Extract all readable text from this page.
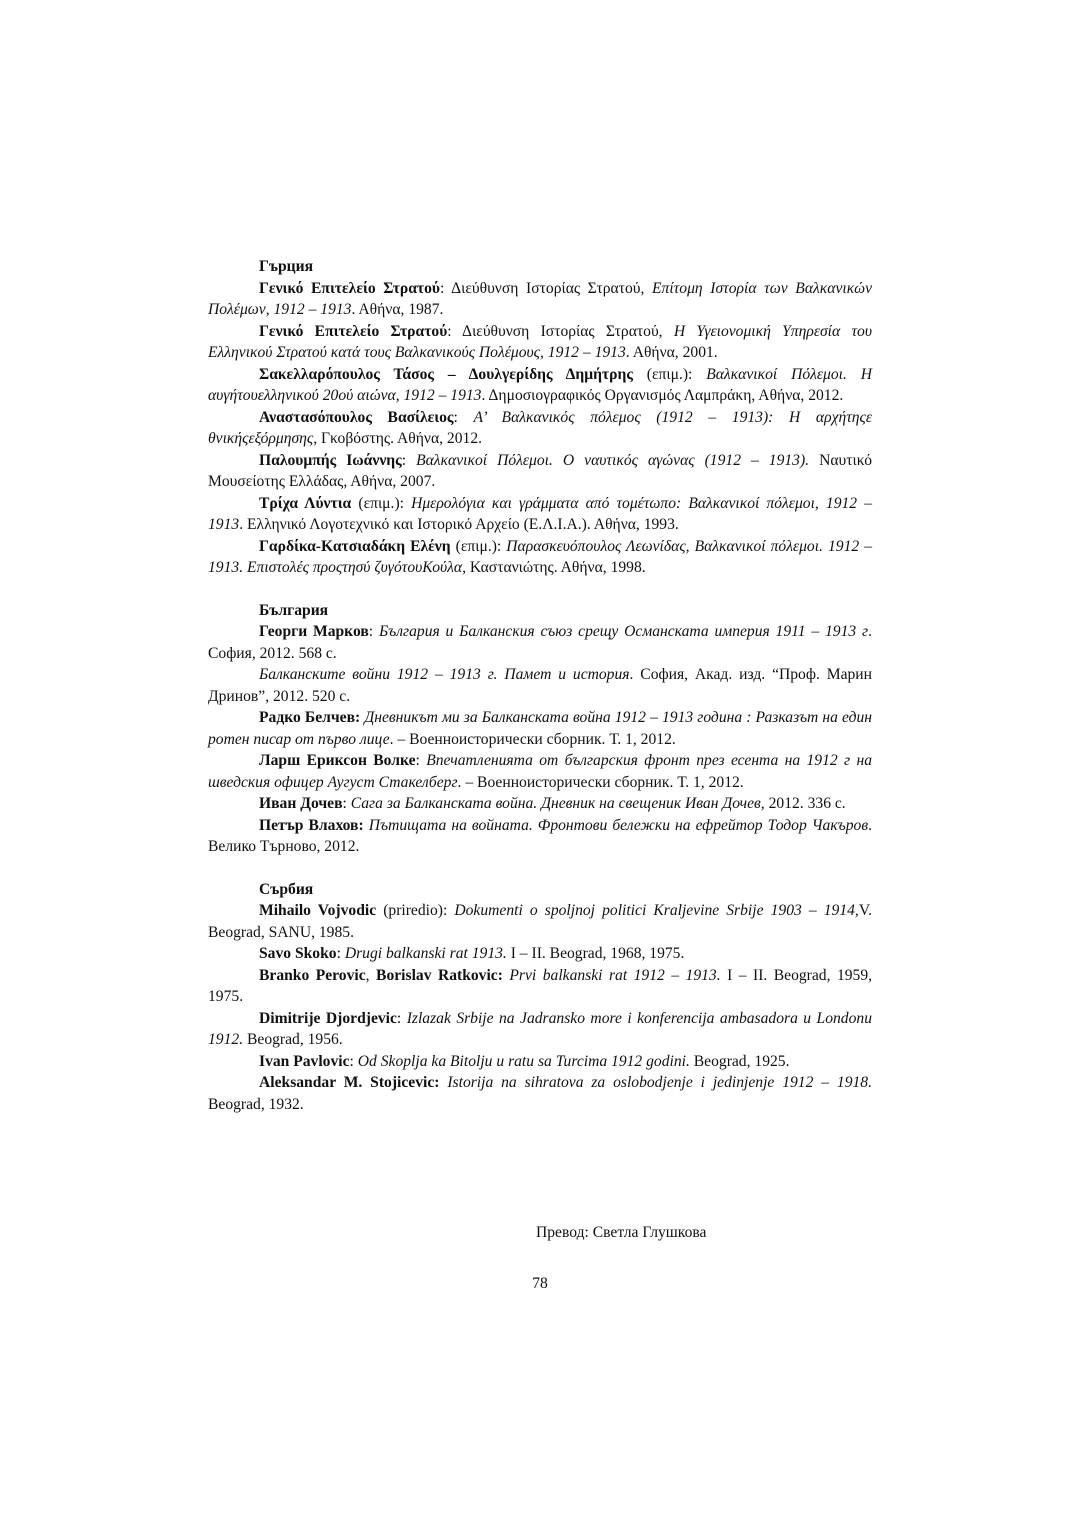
Гърция

Γενικό Επιτελείο Στρατού: Διεύθυνση Ιστορίας Στρατού, Επίτομη Ιστορία των Βαλκανικών Πολέμων, 1912 – 1913. Αθήνα, 1987.

Γενικό Επιτελείο Στρατού: Διεύθυνση Ιστορίας Στρατού, Η Υγειονομική Υπηρεσία του Ελληνικού Στρατού κατά τους Βαλκανικούς Πολέμους, 1912 – 1913. Αθήνα, 2001.

Σακελλαρόπουλος Τάσος – Δουλγερίδης Δημήτρης (επιμ.): Βαλκανικοί Πόλεμοι. Η αυγήτουελληνικού 20ού αιώνα, 1912 – 1913. Δημοσιογραφικός Οργανισμός Λαμπράκη, Αθήνα, 2012.

Αναστασόπουλος Βασίλειος: Α’ Βαλκανικός πόλεμος (1912 – 1913): Η αρχήτηςε θνικήςεξόρμησης, Γκοβόστης. Αθήνα, 2012.

Παλουμπής Ιωάννης: Βαλκανικοί Πόλεμοι. Ο ναυτικός αγώνας (1912 – 1913). Ναυτικό Μουσείοτης Ελλάδας, Αθήνα, 2007.

Τρίχα Λύντια (επιμ.): Ημερολόγια και γράμματα από τομέτωπο: Βαλκανικοί πόλεμοι, 1912 – 1913. Ελληνικό Λογοτεχνικό και Ιστορικό Αρχείο (Ε.Λ.Ι.Α.). Αθήνα, 1993.

Γαρδίκα-Κατσιαδάκη Ελένη (επιμ.): Παρασκευόπουλος Λεωνίδας, Βαλκανικοί πόλεμοι. 1912 – 1913. Επιστολές προςτησύ ζυγότουΚούλα, Καστανιώτης. Αθήνα, 1998.

България

Георги Марков: България и Балканския съюз срещу Османската империя 1911 – 1913 г. София, 2012. 568 с.

Балканските войни 1912 – 1913 г. Памет и история. София, Акад. изд. “Проф. Марин Дринов”, 2012. 520 с.

Радко Белчев: Дневникът ми за Балканската война 1912 – 1913 година : Разказът на един ротен писар от първо лице. – Военноисторически сборник. Т. 1, 2012.

Ларш Ериксон Волке: Впечатленията от българския фронт през есента на 1912 г на шведския офицер Аугуст Стакелберг. – Военноисторически сборник. Т. 1, 2012.

Иван Дочев: Сага за Балканската война. Дневник на свещеник Иван Дочев, 2012. 336 с.

Петър Влахов: Пътищата на войната. Фронтови бележки на ефрейтор Тодор Чакъров. Велико Търново, 2012.

Сърбия

Mihailo Vojvodic (priredio): Dokumenti o spoljnoj politici Kraljevine Srbije 1903 – 1914,V. Beograd, SANU, 1985.

Savo Skoko: Drugi balkanski rat 1913. I – II. Beograd, 1968, 1975.

Branko Perovic, Borislav Ratkovic: Prvi balkanski rat 1912 – 1913. I – II. Beograd, 1959, 1975.

Dimitrije Djordjevic: Izlazak Srbije na Jadransko more i konferencija ambasadora u Londonu 1912. Beograd, 1956.

Ivan Pavlovic: Od Skoplja ka Bitolju u ratu sa Turcima 1912 godini. Beograd, 1925.

Aleksandar M. Stojicevic: Istorija na sihratova za oslobodjenje i jedinjenje 1912 – 1918. Beograd, 1932.

Превод: Светла Глушкова
78
